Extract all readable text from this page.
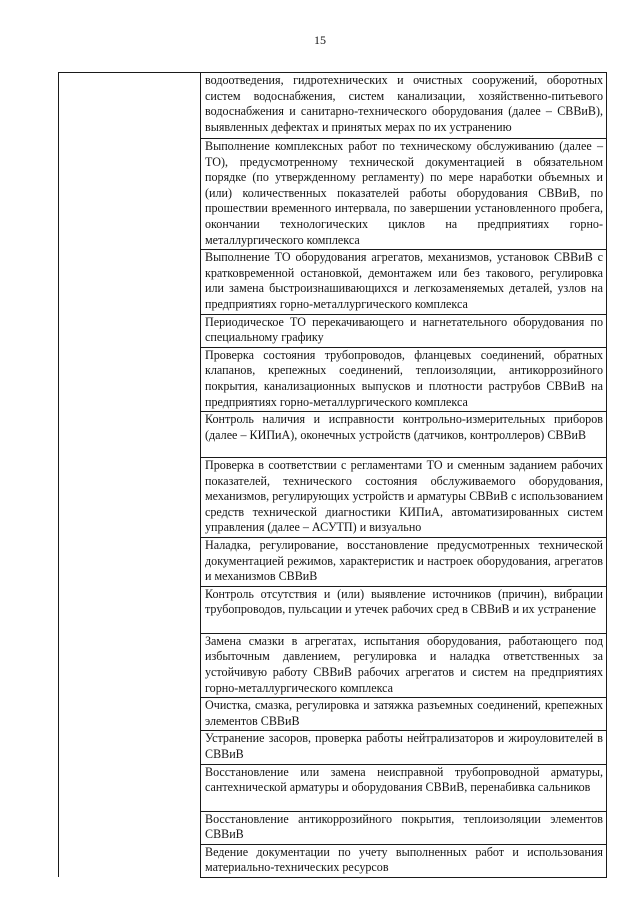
15
	водоотведения, гидротехнических и очистных сооружений, оборотных систем водоснабжения, систем канализации, хозяйственно-питьевого водоснабжения и санитарно-технического оборудования (далее – СВВиВ), выявленных дефектах и принятых мерах по их устранению
Выполнение комплексных работ по техническому обслуживанию (далее – ТО), предусмотренному технической документацией в обязательном порядке (по утвержденному регламенту) по мере наработки объемных и (или) количественных показателей работы оборудования СВВиВ, по прошествии временного интервала, по завершении установленного пробега, окончании технологических циклов на предприятиях горно-металлургического комплекса
Выполнение ТО оборудования агрегатов, механизмов, установок СВВиВ с кратковременной остановкой, демонтажем или без такового, регулировка или замена быстроизнашивающихся и легкозаменяемых деталей, узлов на предприятиях горно-металлургического комплекса
Периодическое ТО перекачивающего и нагнетательного оборудования по специальному графику
Проверка состояния трубопроводов, фланцевых соединений, обратных клапанов, крепежных соединений, теплоизоляции, антикоррозийного покрытия, канализационных выпусков и плотности раструбов СВВиВ на предприятиях горно-металлургического комплекса
Контроль наличия и исправности контрольно-измерительных приборов (далее – КИПиА), оконечных устройств (датчиков, контроллеров) СВВиВ
Проверка в соответствии с регламентами ТО и сменным заданием рабочих показателей, технического состояния обслуживаемого оборудования, механизмов, регулирующих устройств и арматуры СВВиВ с использованием средств технической диагностики КИПиА, автоматизированных систем управления (далее – АСУТП) и визуально
Наладка, регулирование, восстановление предусмотренных технической документацией режимов, характеристик и настроек оборудования, агрегатов и механизмов СВВиВ
Контроль отсутствия и (или) выявление источников (причин), вибрации трубопроводов, пульсации и утечек рабочих сред в СВВиВ и их устранение
Замена смазки в агрегатах, испытания оборудования, работающего под избыточным давлением, регулировка и наладка ответственных за устойчивую работу СВВиВ рабочих агрегатов и систем на предприятиях горно-металлургического комплекса
Очистка, смазка, регулировка и затяжка разъемных соединений, крепежных элементов СВВиВ
Устранение засоров, проверка работы нейтрализаторов и жироуловителей в СВВиВ
Восстановление или замена неисправной трубопроводной арматуры, сантехнической арматуры и оборудования СВВиВ, перенабивка сальников
Восстановление антикоррозийного покрытия, теплоизоляции элементов СВВиВ
Ведение документации по учету выполненных работ и использования материально-технических ресурсов
